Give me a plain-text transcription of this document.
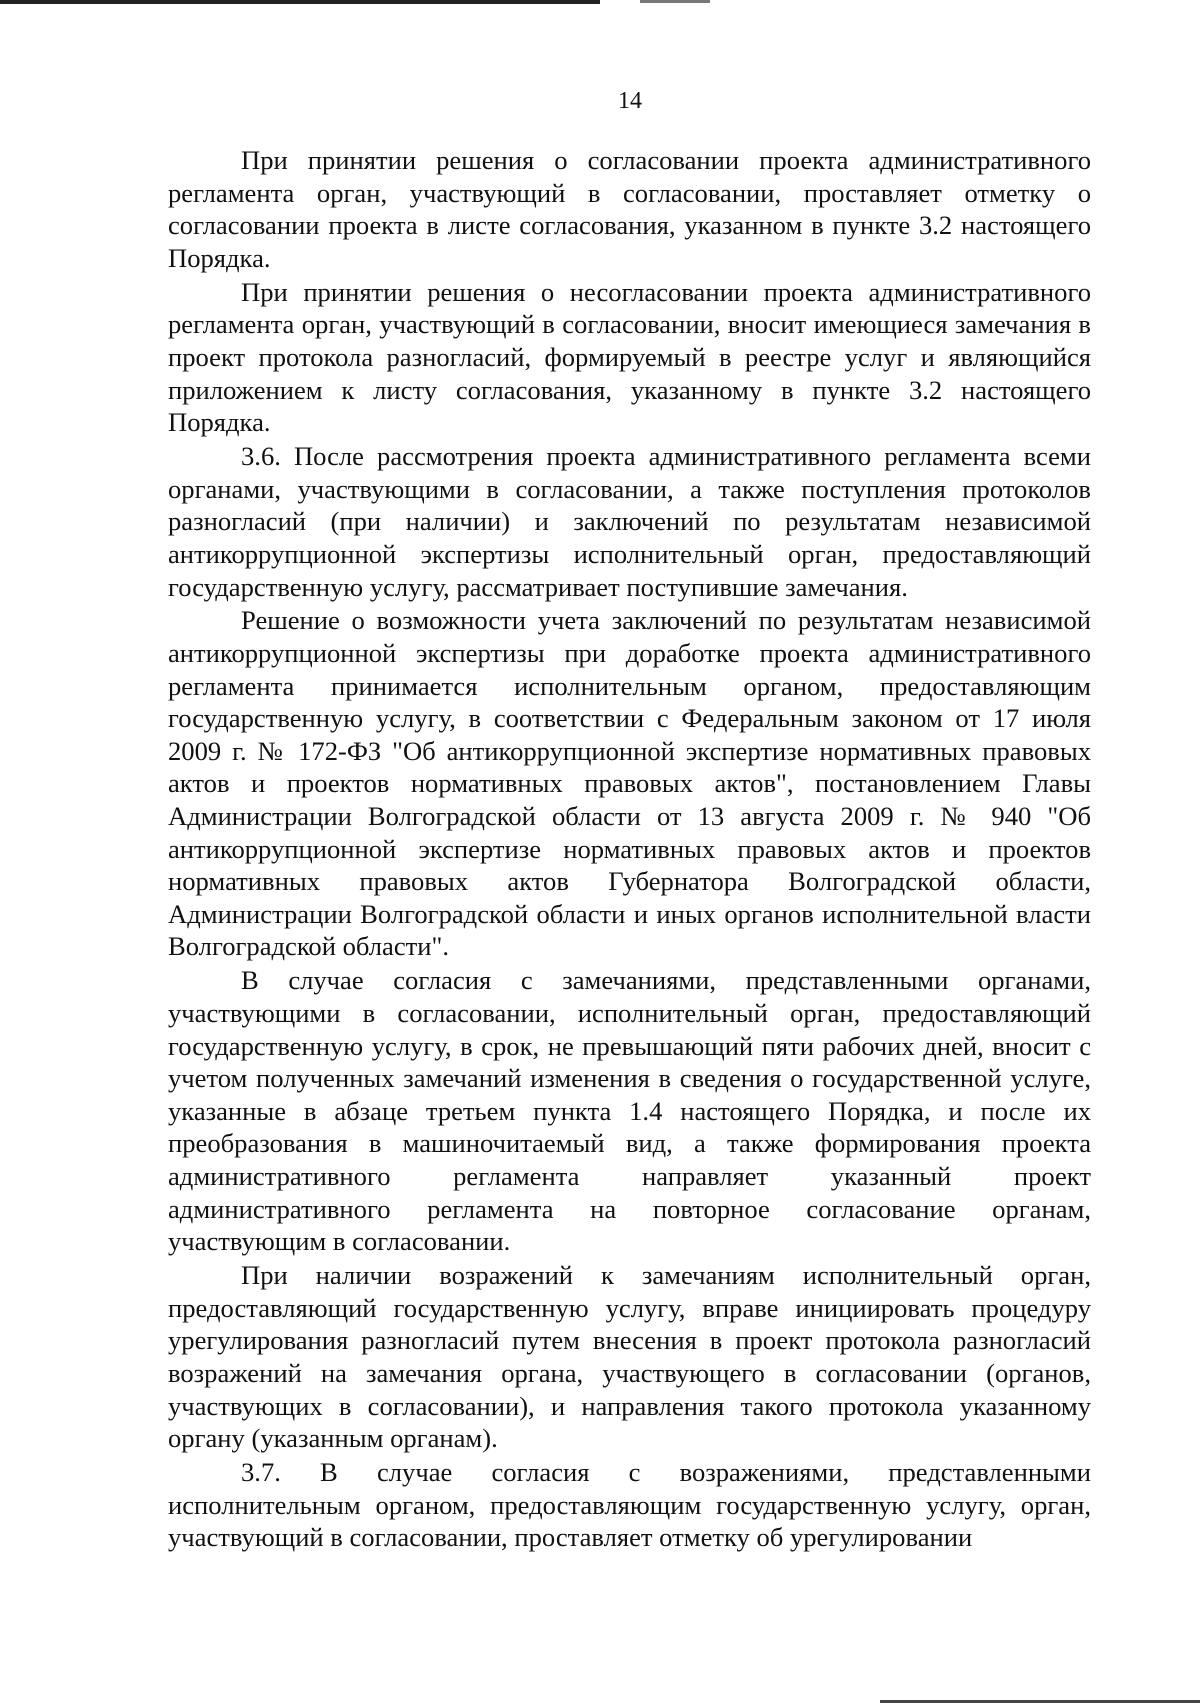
14

При принятии решения о согласовании проекта административного регламента орган, участвующий в согласовании, проставляет отметку о согласовании проекта в листе согласования, указанном в пункте 3.2 настоящего Порядка.

При принятии решения о несогласовании проекта административного регламента орган, участвующий в согласовании, вносит имеющиеся замечания в проект протокола разногласий, формируемый в реестре услуг и являющийся приложением к листу согласования, указанному в пункте 3.2 настоящего Порядка.

3.6. После рассмотрения проекта административного регламента всеми органами, участвующими в согласовании, а также поступления протоколов разногласий (при наличии) и заключений по результатам независимой антикоррупционной экспертизы исполнительный орган, предоставляющий государственную услугу, рассматривает поступившие замечания.

Решение о возможности учета заключений по результатам независимой антикоррупционной экспертизы при доработке проекта административного регламента принимается исполнительным органом, предоставляющим государственную услугу, в соответствии с Федеральным законом от 17 июля 2009 г. № 172-ФЗ "Об антикоррупционной экспертизе нормативных правовых актов и проектов нормативных правовых актов", постановлением Главы Администрации Волгоградской области от 13 августа 2009 г. № 940 "Об антикоррупционной экспертизе нормативных правовых актов и проектов нормативных правовых актов Губернатора Волгоградской области, Администрации Волгоградской области и иных органов исполнительной власти Волгоградской области".

В случае согласия с замечаниями, представленными органами, участвующими в согласовании, исполнительный орган, предоставляющий государственную услугу, в срок, не превышающий пяти рабочих дней, вносит с учетом полученных замечаний изменения в сведения о государственной услуге, указанные в абзаце третьем пункта 1.4 настоящего Порядка, и после их преобразования в машиночитаемый вид, а также формирования проекта административного регламента направляет указанный проект административного регламента на повторное согласование органам, участвующим в согласовании.

При наличии возражений к замечаниям исполнительный орган, предоставляющий государственную услугу, вправе инициировать процедуру урегулирования разногласий путем внесения в проект протокола разногласий возражений на замечания органа, участвующего в согласовании (органов, участвующих в согласовании), и направления такого протокола указанному органу (указанным органам).

3.7. В случае согласия с возражениями, представленными исполнительным органом, предоставляющим государственную услугу, орган, участвующий в согласовании, проставляет отметку об урегулировании
